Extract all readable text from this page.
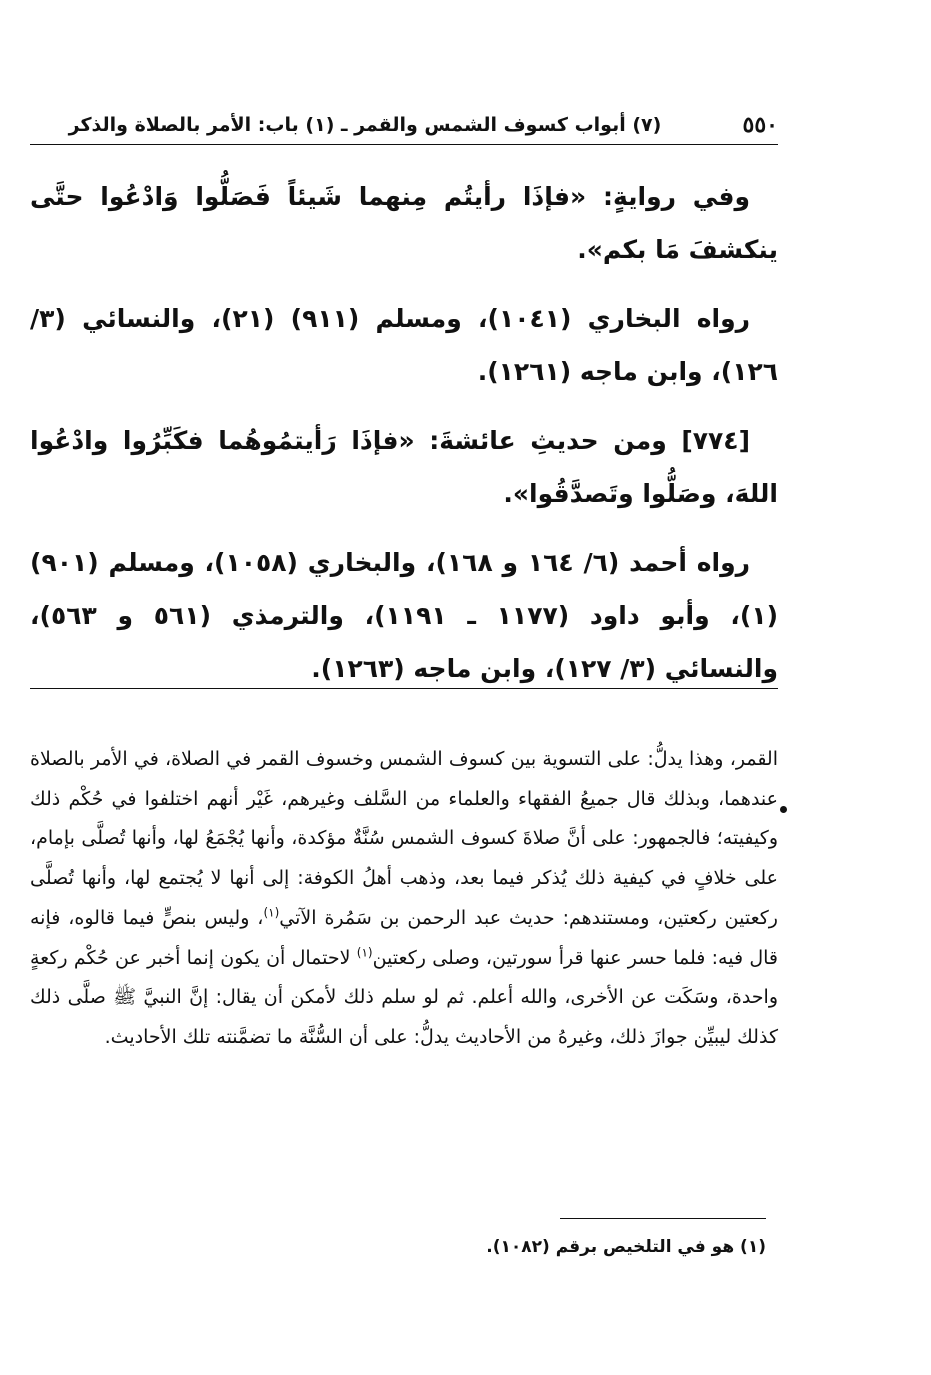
٥٥٠
(٧) أبواب كسوف الشمس والقمر ـ (١) باب: الأمر بالصلاة والذكر

وفي روايةٍ: «فإذَا رأيتُم مِنهما شَيئاً فَصَلُّوا وَادْعُوا حتَّى ينكشفَ مَا بكم».

رواه البخاري (١٠٤١)، ومسلم (٩١١) (٢١)، والنسائي (٣/ ١٢٦)، وابن ماجه (١٢٦١).

[٧٧٤] ومن حديثِ عائشةَ: «فإذَا رَأيتمُوهُما فكَبِّرُوا وادْعُوا اللهَ، وصَلُّوا وتَصدَّقُوا».

رواه أحمد (٦/ ١٦٤ و ١٦٨)، والبخاري (١٠٥٨)، ومسلم (٩٠١) (١)، وأبو داود (١١٧٧ ـ ١١٩١)، والترمذي (٥٦١ و ٥٦٣)، والنسائي (٣/ ١٢٧)، وابن ماجه (١٢٦٣).

القمر، وهذا يدلُّ: على التسوية بين كسوف الشمس وخسوف القمر في الصلاة، في الأمر بالصلاة عندهما، وبذلك قال جميعُ الفقهاء والعلماء من السَّلف وغيرهم، غَيْر أنهم اختلفوا في حُكْم ذلك وكيفيته؛ فالجمهور: على أنَّ صلاةَ كسوف الشمس سُنَّةٌ مؤكدة، وأنها يُجْمَعُ لها، وأنها تُصلَّى بإمام، على خلافٍ في كيفية ذلك يُذكر فيما بعد، وذهب أهلُ الكوفة: إلى أنها لا يُجتمع لها، وأنها تُصلَّى ركعتين ركعتين، ومستندهم: حديث عبد الرحمن بن سَمُرة الآتي$^{(١)}$، وليس بنصٍّ فيما قالوه، فإنه قال فيه: فلما حسر عنها قرأ سورتين، وصلى ركعتين$^{(١)}$ لاحتمال أن يكون إنما أخبر عن حُكْم ركعةٍ واحدة، وسَكَت عن الأخرى، والله أعلم. ثم لو سلم ذلك لأمكن أن يقال: إنَّ النبيَّ ﷺ صلَّى ذلك كذلك ليبيِّن جوازَ ذلك، وغيرهُ من الأحاديث يدلُّ: على أن السُّنَّة ما تضمَّنته تلك الأحاديث.

(١) هو في التلخيص برقم (١٠٨٢).
